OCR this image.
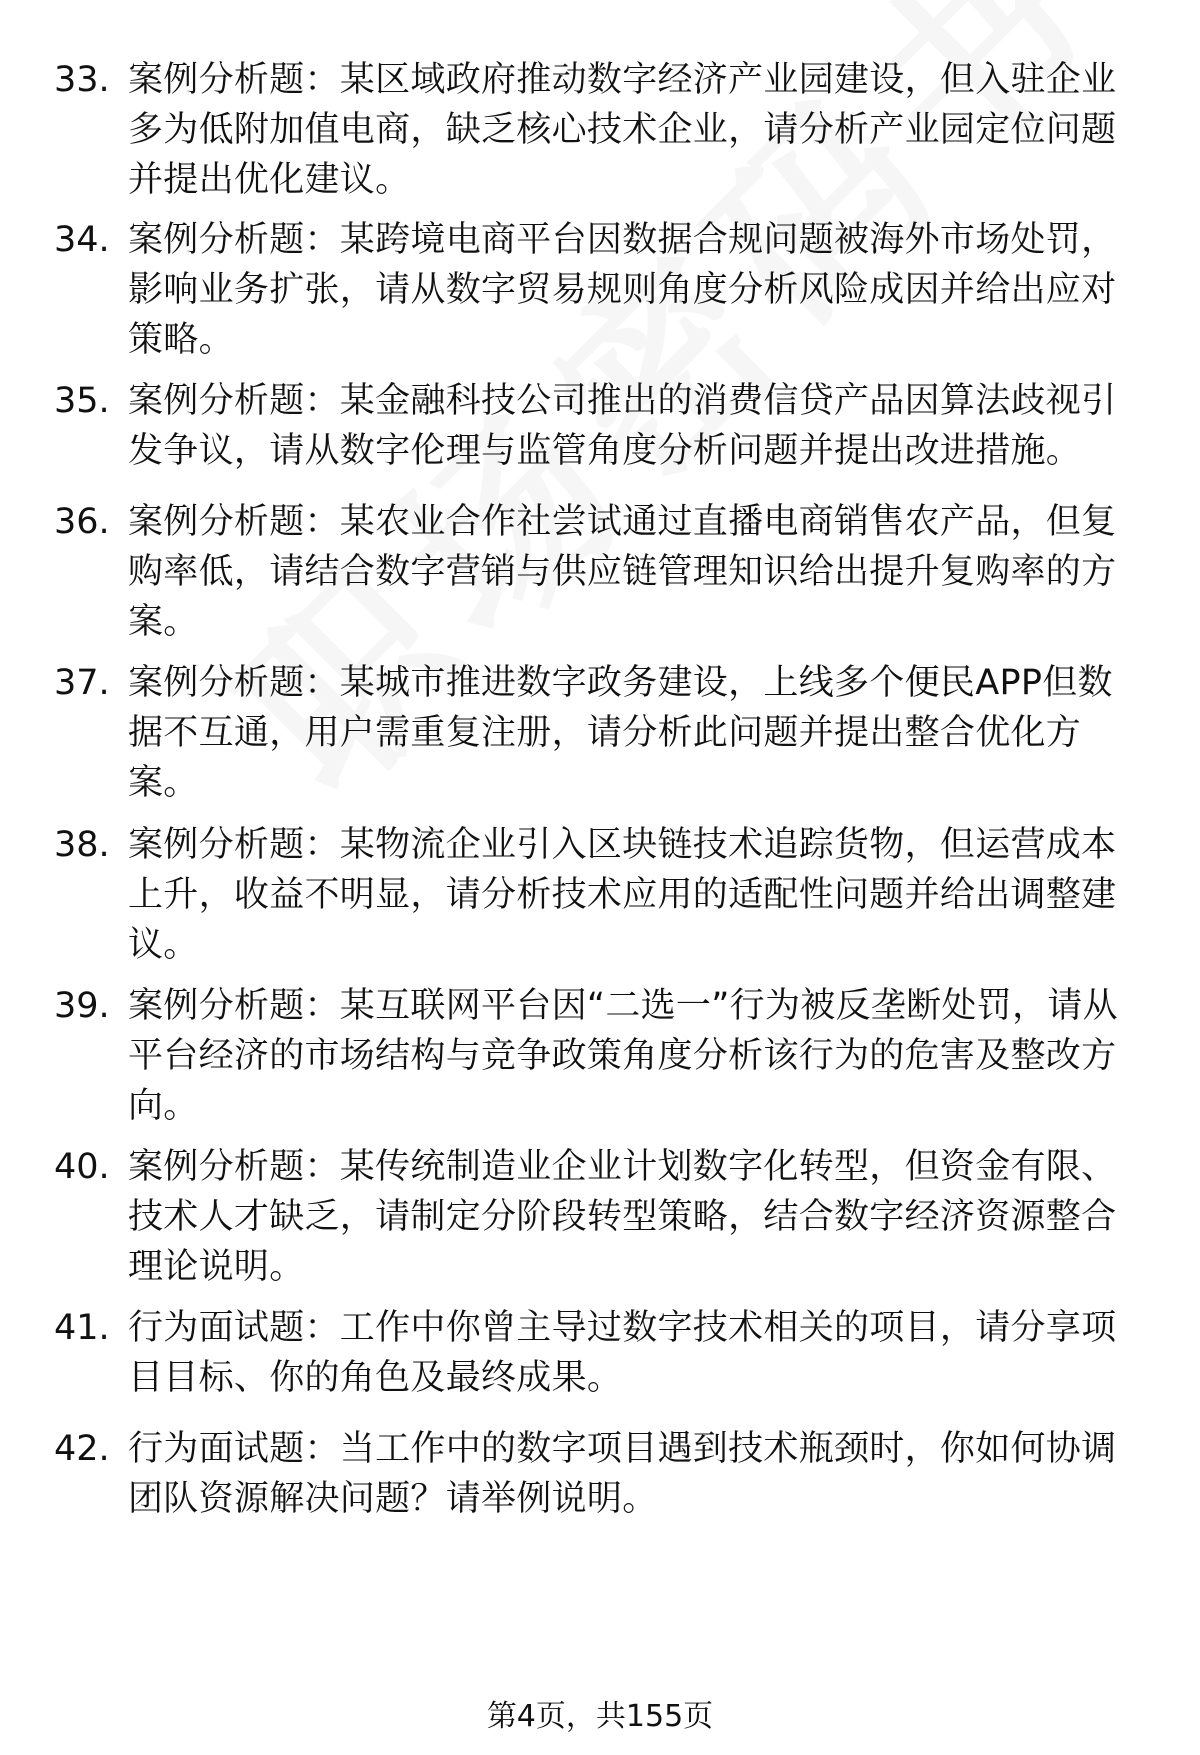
33. 案例分析题：某区域政府推动数字经济产业园建设，但入驻企业多为低附加值电商，缺乏核心技术企业，请分析产业园定位问题并提出优化建议。
34. 案例分析题：某跨境电商平台因数据合规问题被海外市场处罚，影响业务扩张，请从数字贸易规则角度分析风险成因并给出应对策略。
35. 案例分析题：某金融科技公司推出的消费信贷产品因算法歧视引发争议，请从数字伦理与监管角度分析问题并提出改进措施。
36. 案例分析题：某农业合作社尝试通过直播电商销售农产品，但复购率低，请结合数字营销与供应链管理知识给出提升复购率的方案。
37. 案例分析题：某城市推进数字政务建设，上线多个便民APP但数据不互通，用户需重复注册，请分析此问题并提出整合优化方案。
38. 案例分析题：某物流企业引入区块链技术追踪货物，但运营成本上升，收益不明显，请分析技术应用的适配性问题并给出调整建议。
39. 案例分析题：某互联网平台因“二选一”行为被反垄断处罚，请从平台经济的市场结构与竞争政策角度分析该行为的危害及整改方向。
40. 案例分析题：某传统制造业企业计划数字化转型，但资金有限、技术人才缺乏，请制定分阶段转型策略，结合数字经济资源整合理论说明。
41. 行为面试题：工作中你曾主导过数字技术相关的项目，请分享项目目标、你的角色及最终成果。
42. 行为面试题：当工作中的数字项目遇到技术瓶颈时，你如何协调团队资源解决问题？请举例说明。
第4页，共155页
